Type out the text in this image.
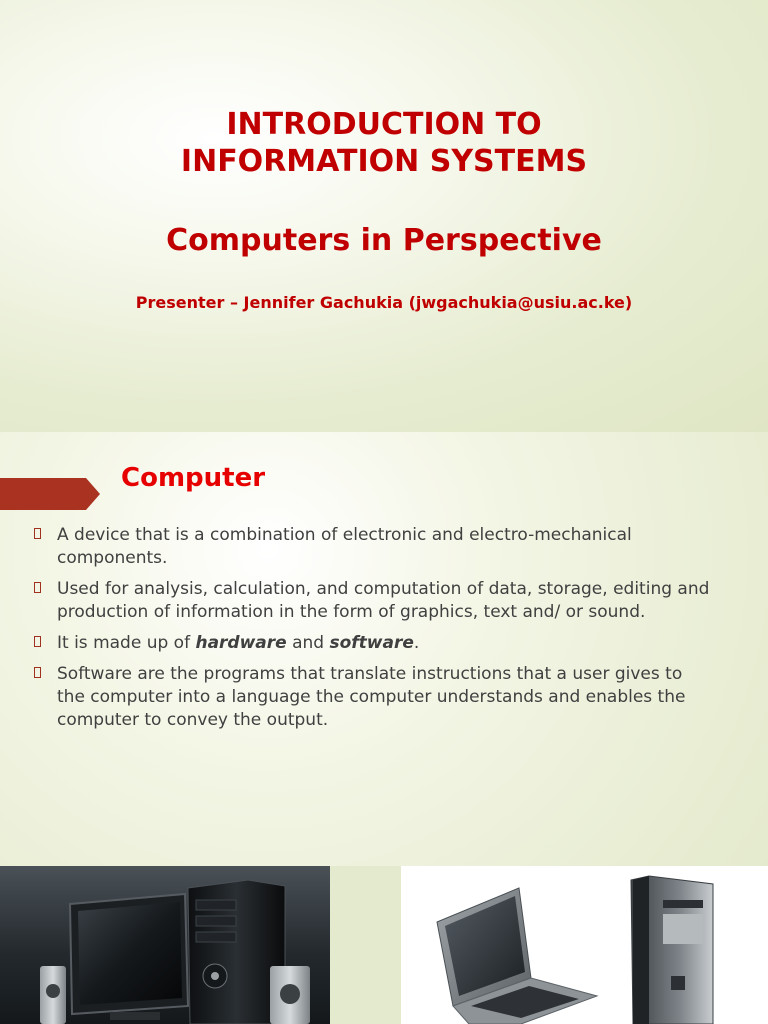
INTRODUCTION TO
INFORMATION SYSTEMS
Computers in Perspective
Presenter – Jennifer Gachukia (jwgachukia@usiu.ac.ke)
Computer
A device that is a combination of electronic and electro-mechanical components.
Used for analysis, calculation, and computation of data, storage, editing and production of information in the form of graphics, text and/ or sound.
It is made up of hardware and software.
Software are the programs that translate instructions that a user gives to the computer into a language the computer understands and enables the computer to convey the output.
